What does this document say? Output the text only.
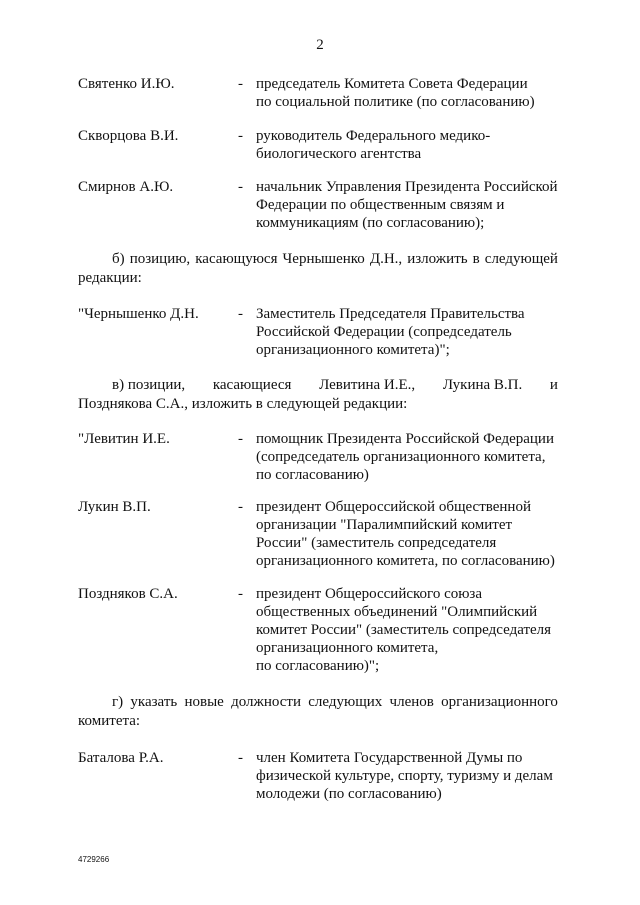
2
Святенко И.Ю.	- председатель Комитета Совета Федерации
по социальной политике (по согласованию)
Скворцова В.И.	- руководитель Федерального медико-
биологического агентства
Смирнов А.Ю.	- начальник Управления Президента Российской
Федерации по общественным связям и
коммуникациям (по согласованию);
б) позицию, касающуюся Чернышенко Д.Н., изложить в следующей
редакции:
"Чернышенко Д.Н.	- Заместитель Председателя Правительства
Российской Федерации (сопредседатель
организационного комитета)";
в) позиции, касающиеся Левитина И.Е., Лукина В.П. и
Позднякова С.А., изложить в следующей редакции:
"Левитин И.Е.	- помощник Президента Российской Федерации
(сопредседатель организационного комитета,
по согласованию)
Лукин В.П.	- президент Общероссийской общественной
организации "Паралимпийский комитет
России" (заместитель сопредседателя
организационного комитета, по согласованию)
Поздняков С.А.	- президент Общероссийского союза
общественных объединений "Олимпийский
комитет России" (заместитель сопредседателя
организационного комитета,
по согласованию)";
г) указать новые должности следующих членов организационного
комитета:
Баталова Р.А.	- член Комитета Государственной Думы по
физической культуре, спорту, туризму и делам
молодежи (по согласованию)
4729266
